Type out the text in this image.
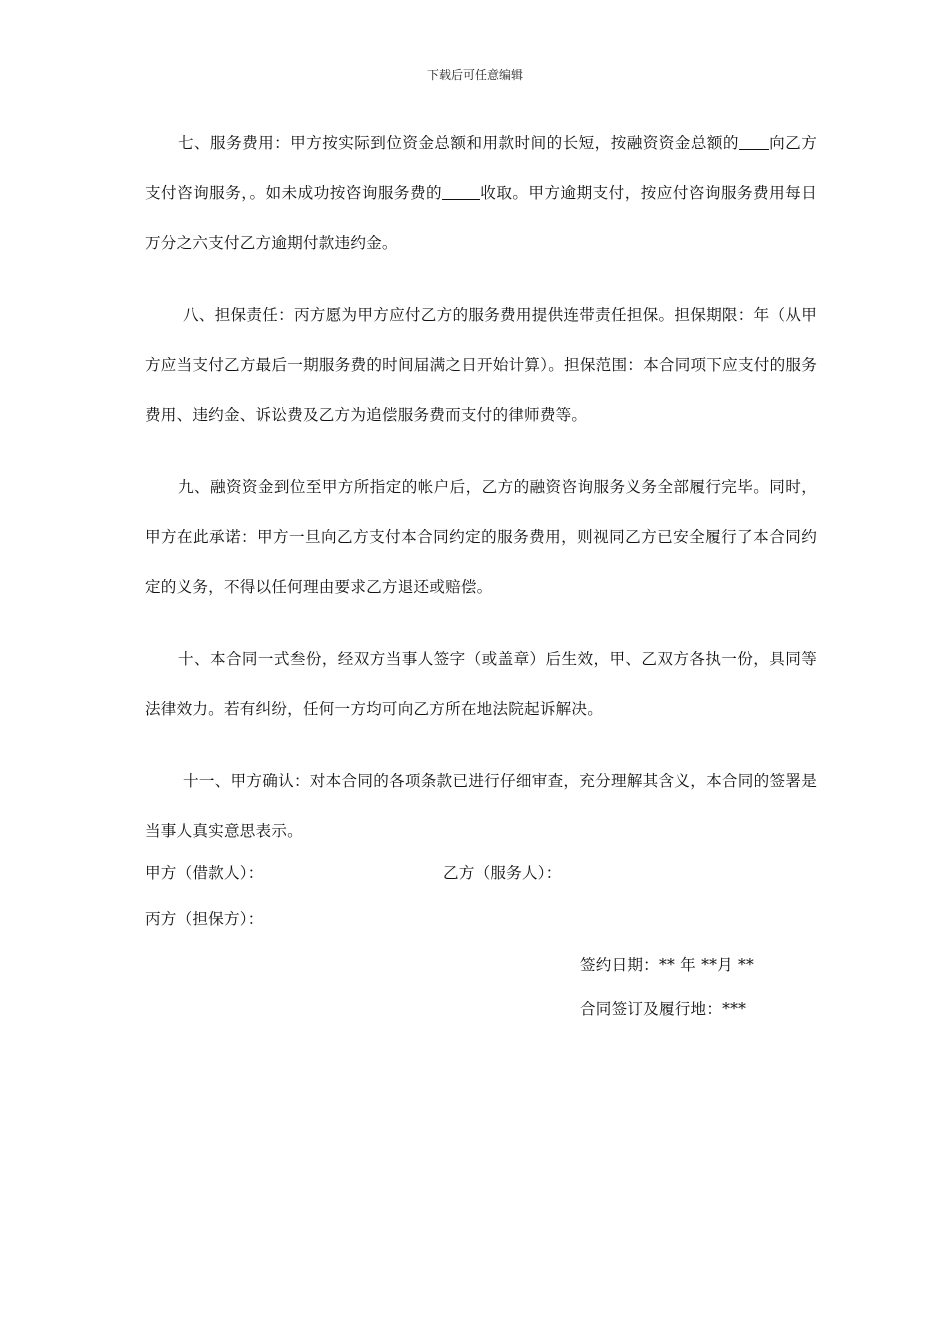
下载后可任意编辑

七、服务费用：甲方按实际到位资金总额和用款时间的长短，按融资资金总额的 向乙方支付咨询服务，。如未成功按咨询服务费的 收取。甲方逾期支付，按应付咨询服务费用每日万分之六支付乙方逾期付款违约金。

八、担保责任：丙方愿为甲方应付乙方的服务费用提供连带责任担保。担保期限：年（从甲方应当支付乙方最后一期服务费的时间届满之日开始计算）。担保范围：本合同项下应支付的服务费用、违约金、诉讼费及乙方为追偿服务费而支付的律师费等。

九、融资资金到位至甲方所指定的帐户后，乙方的融资咨询服务义务全部履行完毕。同时，甲方在此承诺：甲方一旦向乙方支付本合同约定的服务费用，则视同乙方已安全履行了本合同约定的义务，不得以任何理由要求乙方退还或赔偿。

十、本合同一式叁份，经双方当事人签字（或盖章）后生效，甲、乙双方各执一份，具同等法律效力。若有纠纷，任何一方均可向乙方所在地法院起诉解决。

十一、甲方确认：对本合同的各项条款已进行仔细审查，充分理解其含义，本合同的签署是当事人真实意思表示。

甲方（借款人）：	乙方（服务人）：
丙方（担保方）：
签约日期：** 年 **月 **
合同签订及履行地：***
